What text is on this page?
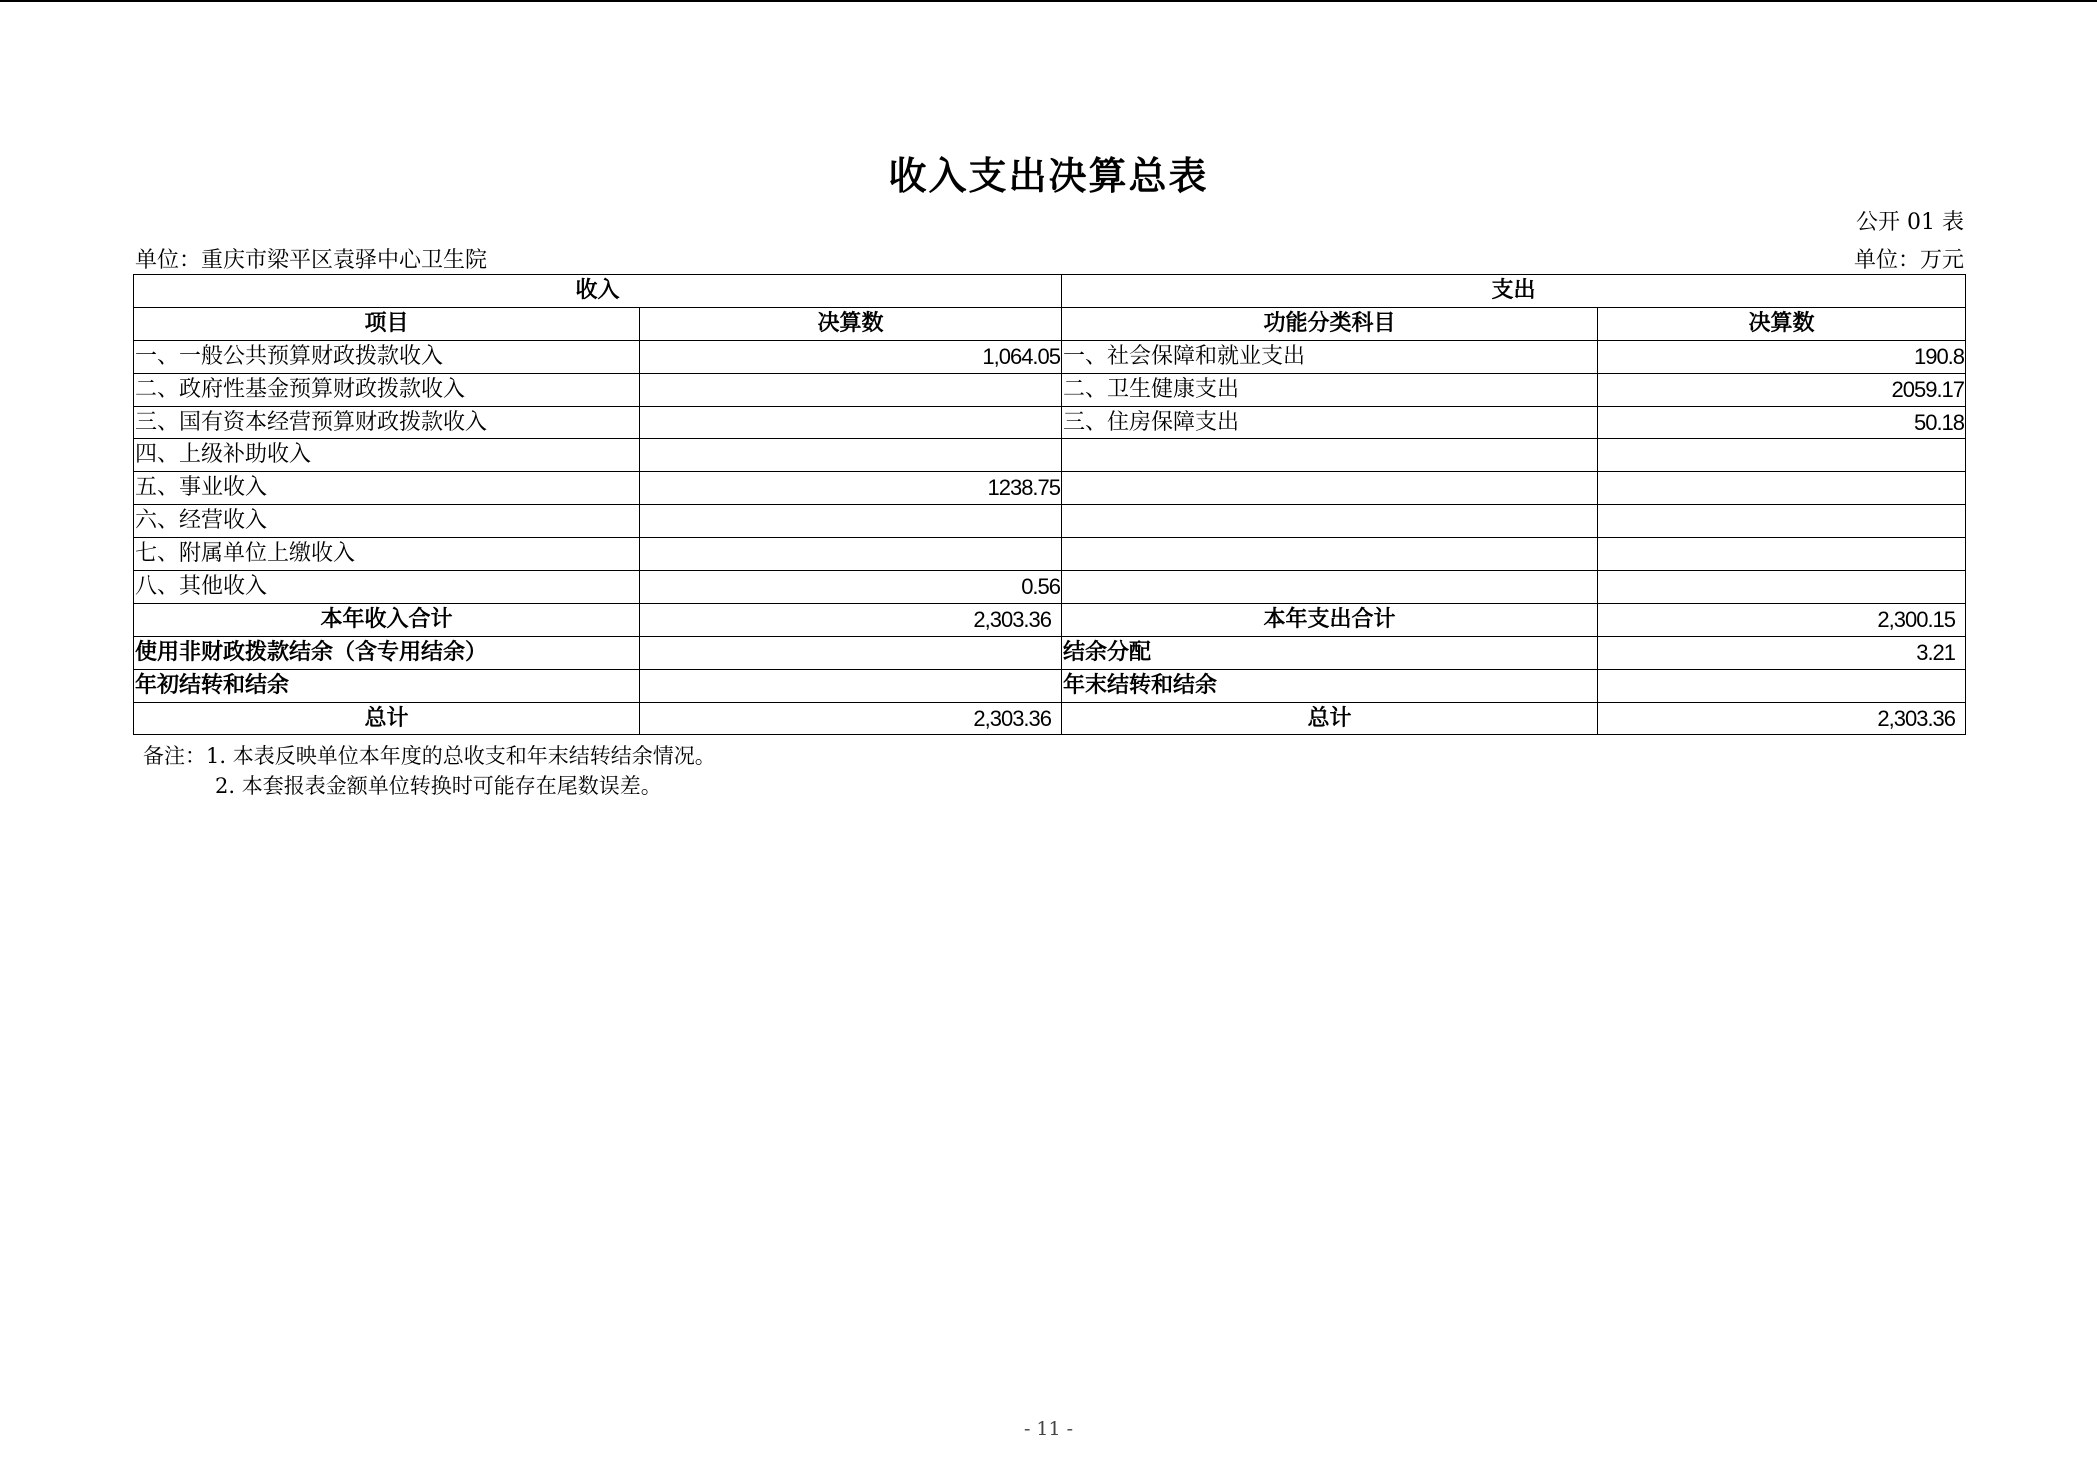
收入支出决算总表
公开 01 表
单位：重庆市梁平区袁驿中心卫生院	单位：万元
收入		支出	
项目	决算数	功能分类科目	决算数
一、一般公共预算财政拨款收入	1,064.05	一、社会保障和就业支出	190.8
二、政府性基金预算财政拨款收入		二、卫生健康支出	2059.17
三、国有资本经营预算财政拨款收入		三、住房保障支出	50.18
四、上级补助收入			
五、事业收入	1238.75		
六、经营收入			
七、附属单位上缴收入			
八、其他收入	0.56		
本年收入合计	2,303.36	本年支出合计	2,300.15
使用非财政拨款结余（含专用结余）		结余分配	3.21
年初结转和结余		年末结转和结余	
总计	2,303.36	总计	2,303.36
备注：1. 本表反映单位本年度的总收支和年末结转结余情况。
2. 本套报表金额单位转换时可能存在尾数误差。
- 11 -
